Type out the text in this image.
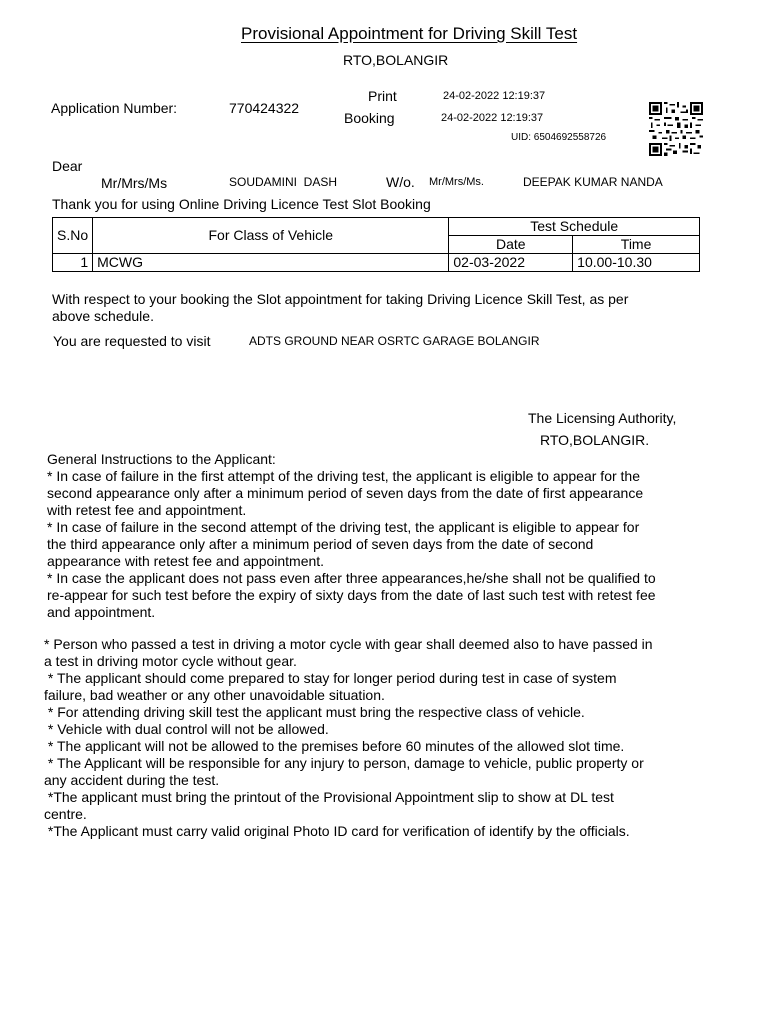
Provisional Appointment for Driving Skill Test
RTO,BOLANGIR
Application Number:	770424322
Print	24-02-2022 12:19:37
Booking	24-02-2022 12:19:37
UID: 6504692558726
Dear
Mr/Mrs/Ms	SOUDAMINI  DASH	W/o. Mr/Mrs/Ms.	DEEPAK KUMAR NANDA
Thank you for using Online Driving Licence Test Slot Booking
S.No	For Class of Vehicle	Test Schedule	
		Date	Time
1	MCWG	02-03-2022	10.00-10.30
With respect to your booking the Slot appointment for taking Driving Licence Skill Test, as per
above schedule.
You are requested to visit	ADTS GROUND NEAR OSRTC GARAGE BOLANGIR
The Licensing Authority,
RTO,BOLANGIR.
General Instructions to the Applicant:
* In case of failure in the first attempt of the driving test, the applicant is eligible to appear for the
second appearance only after a minimum period of seven days from the date of first appearance
with retest fee and appointment.
* In case of failure in the second attempt of the driving test, the applicant is eligible to appear for
the third appearance only after a minimum period of seven days from the date of second
appearance with retest fee and appointment.
* In case the applicant does not pass even after three appearances,he/she shall not be qualified to
re-appear for such test before the expiry of sixty days from the date of last such test with retest fee
and appointment.
* Person who passed a test in driving a motor cycle with gear shall deemed also to have passed in
a test in driving motor cycle without gear.
* The applicant should come prepared to stay for longer period during test in case of system
failure, bad weather or any other unavoidable situation.
* For attending driving skill test the applicant must bring the respective class of vehicle.
* Vehicle with dual control will not be allowed.
* The applicant will not be allowed to the premises before 60 minutes of the allowed slot time.
* The Applicant will be responsible for any injury to person, damage to vehicle, public property or
any accident during the test.
*The applicant must bring the printout of the Provisional Appointment slip to show at DL test
centre.
*The Applicant must carry valid original Photo ID card for verification of identify by the officials.
